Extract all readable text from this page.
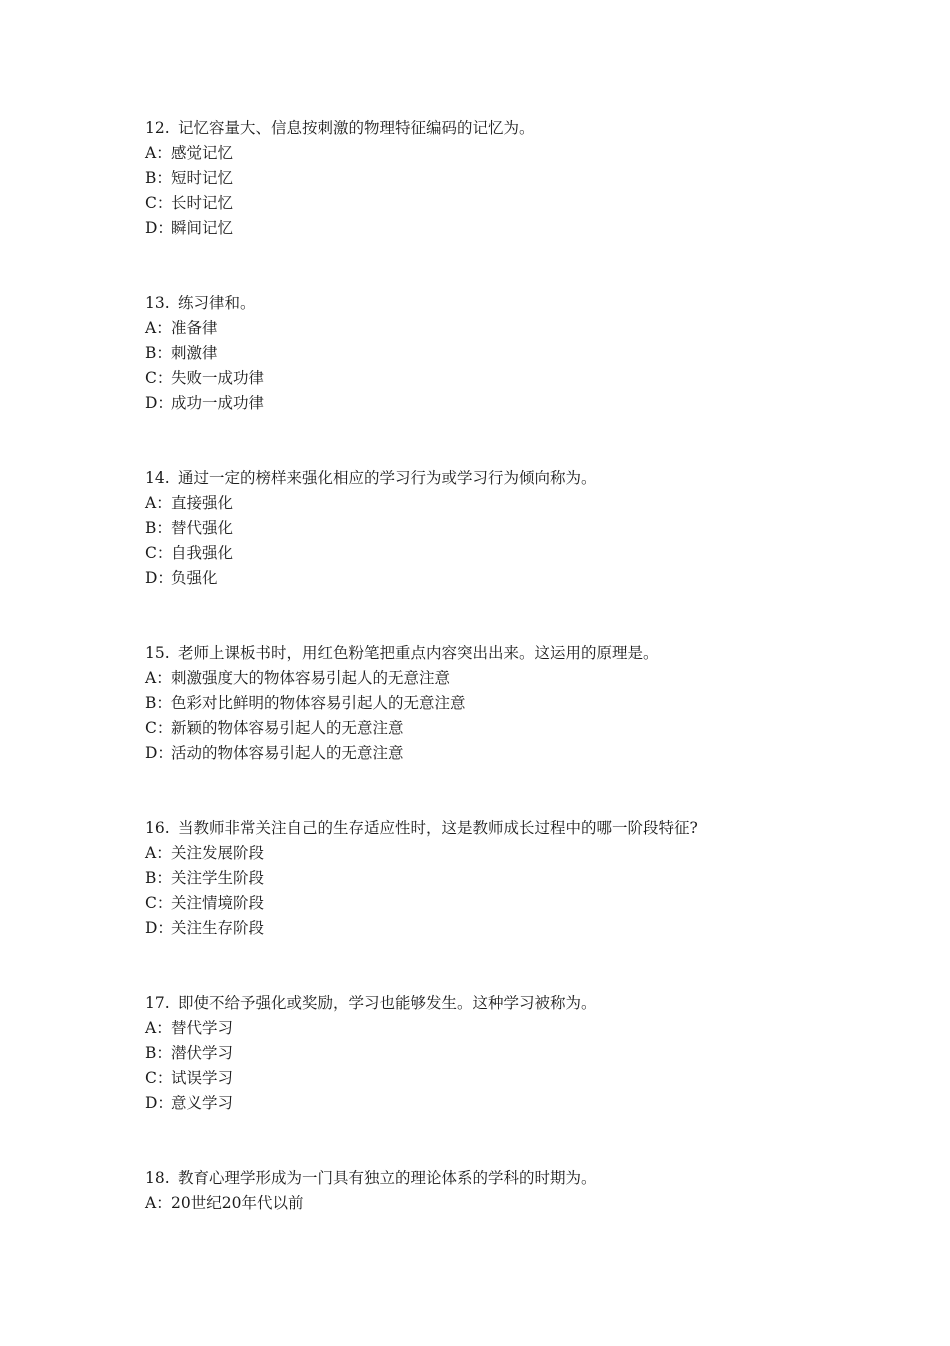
12. 记忆容量大、信息按刺激的物理特征编码的记忆为。
A：感觉记忆
B：短时记忆
C：长时记忆
D：瞬间记忆
13. 练习律和。
A：准备律
B：刺激律
C：失败一成功律
D：成功一成功律
14. 通过一定的榜样来强化相应的学习行为或学习行为倾向称为。
A：直接强化
B：替代强化
C：自我强化
D：负强化
15. 老师上课板书时，用红色粉笔把重点内容突出出来。这运用的原理是。
A：刺激强度大的物体容易引起人的无意注意
B：色彩对比鲜明的物体容易引起人的无意注意
C：新颖的物体容易引起人的无意注意
D：活动的物体容易引起人的无意注意
16. 当教师非常关注自己的生存适应性时，这是教师成长过程中的哪一阶段特征?
A：关注发展阶段
B：关注学生阶段
C：关注情境阶段
D：关注生存阶段
17. 即使不给予强化或奖励，学习也能够发生。这种学习被称为。
A：替代学习
B：潜伏学习
C：试误学习
D：意义学习
18. 教育心理学形成为一门具有独立的理论体系的学科的时期为。
A：20世纪20年代以前
